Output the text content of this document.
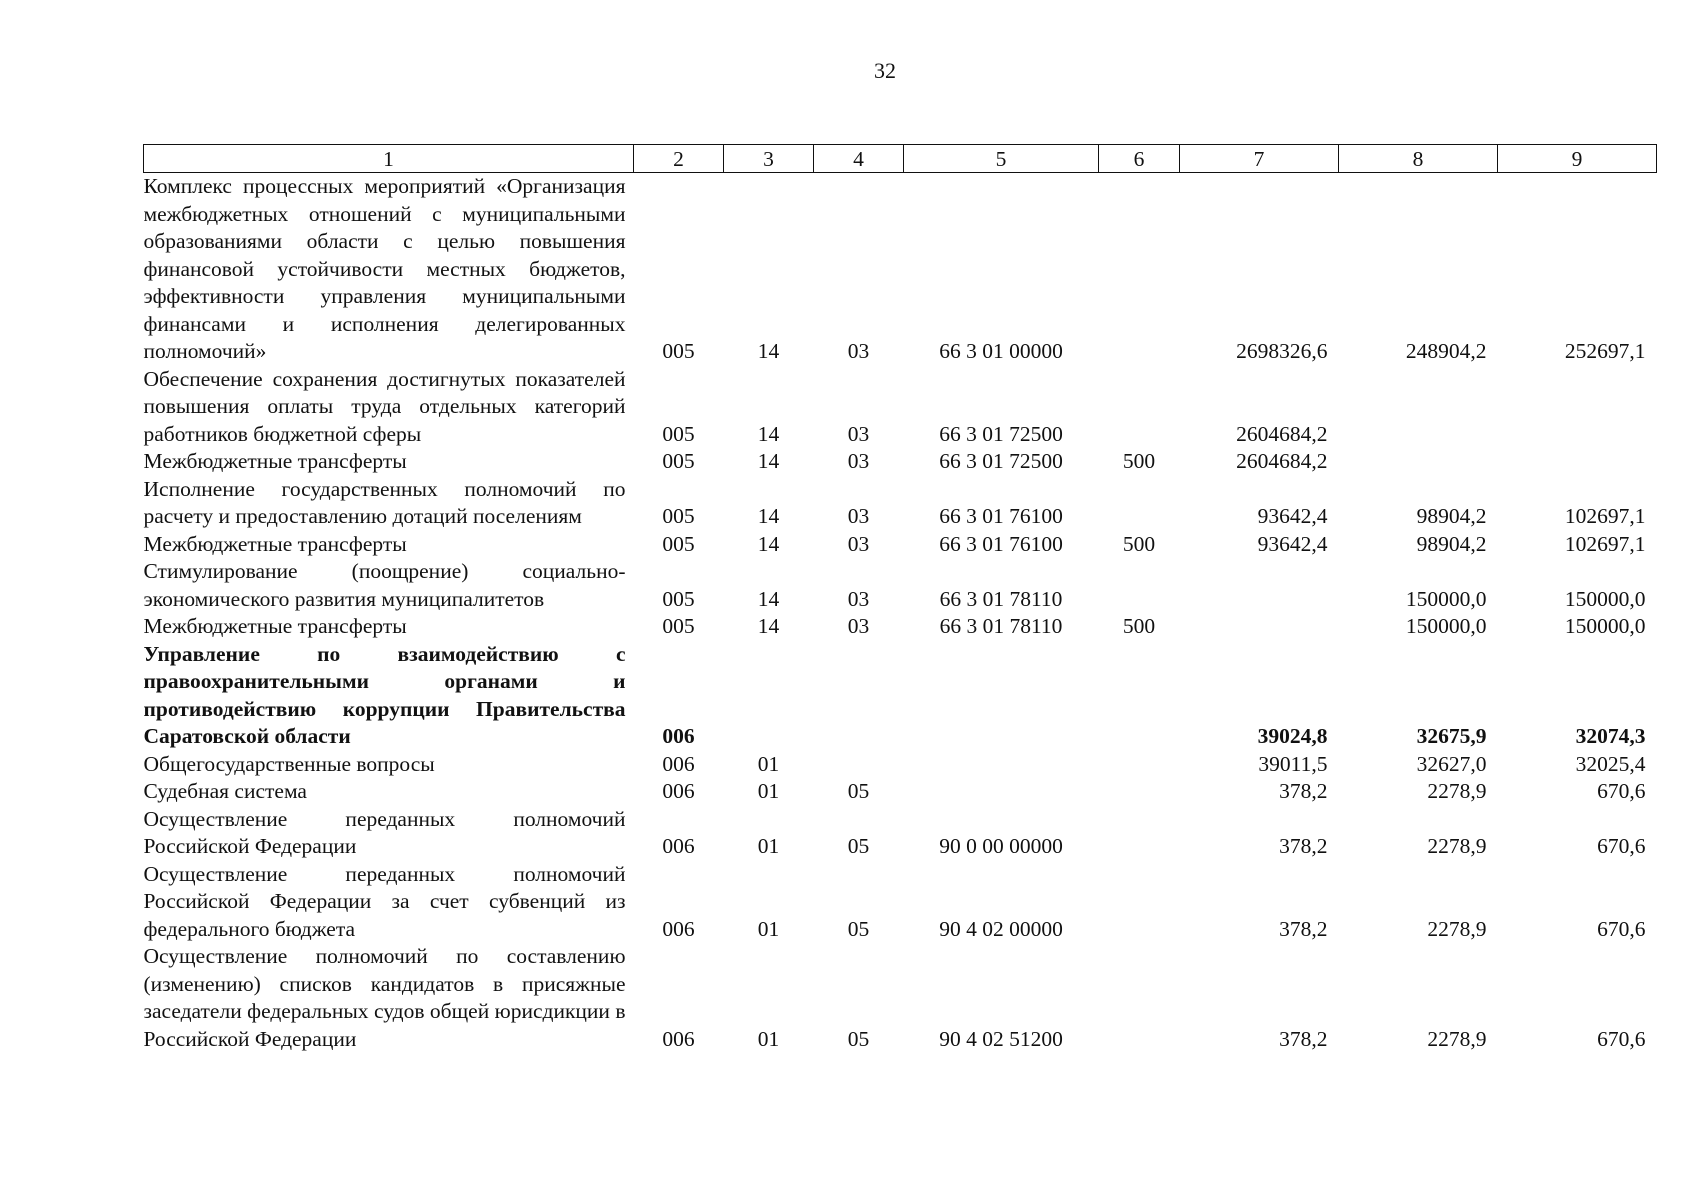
32
1	2	3	4	5	6	7	8	9
Комплекс процессных мероприятий «Организация межбюджетных отношений с муниципальными образованиями области с целью повышения финансовой устойчивости местных бюджетов, эффективности управления муниципальными финансами и исполнения делегированных полномочий»	005	14	03	66 3 01 00000		2698326,6	248904,2	252697,1
Обеспечение сохранения достигнутых показателей повышения оплаты труда отдельных категорий работников бюджетной сферы	005	14	03	66 3 01 72500		2604684,2		
Межбюджетные трансферты	005	14	03	66 3 01 72500	500	2604684,2		
Исполнение государственных полномочий по расчету и предоставлению дотаций поселениям	005	14	03	66 3 01 76100		93642,4	98904,2	102697,1
Межбюджетные трансферты	005	14	03	66 3 01 76100	500	93642,4	98904,2	102697,1
Стимулирование (поощрение) социально-экономического развития муниципалитетов	005	14	03	66 3 01 78110			150000,0	150000,0
Межбюджетные трансферты	005	14	03	66 3 01 78110	500		150000,0	150000,0
Управление по взаимодействию с правоохранительными органами и противодействию коррупции Правительства Саратовской области	006					39024,8	32675,9	32074,3
Общегосударственные вопросы	006	01				39011,5	32627,0	32025,4
Судебная система	006	01	05			378,2	2278,9	670,6
Осуществление переданных полномочий Российской Федерации	006	01	05	90 0 00 00000		378,2	2278,9	670,6
Осуществление переданных полномочий Российской Федерации за счет субвенций из федерального бюджета	006	01	05	90 4 02 00000		378,2	2278,9	670,6
Осуществление полномочий по составлению (изменению) списков кандидатов в присяжные заседатели федеральных судов общей юрисдикции в Российской Федерации	006	01	05	90 4 02 51200		378,2	2278,9	670,6
